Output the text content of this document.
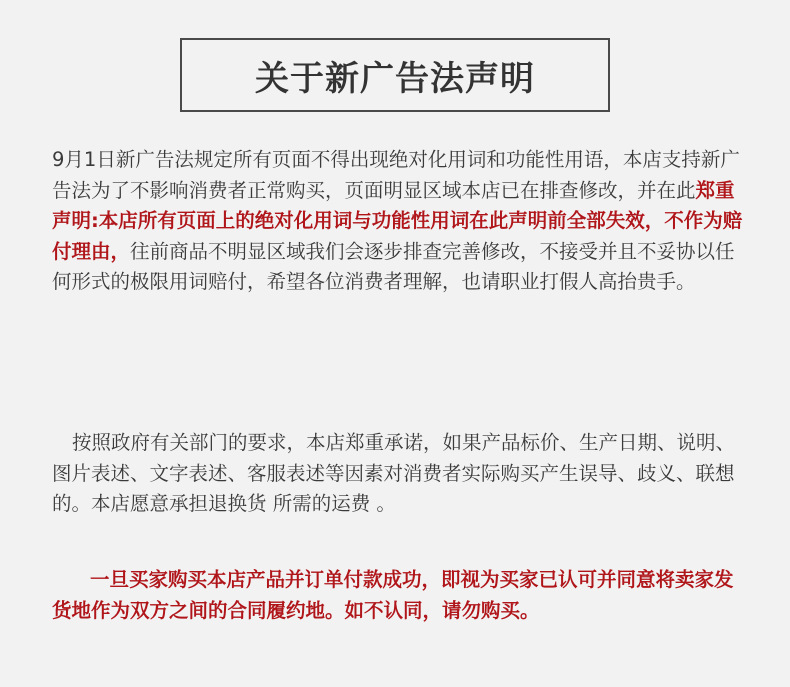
关于新广告法声明

9月1日新广告法规定所有页面不得出现绝对化用词和功能性用语，本店支持新广告法为了不影响消费者正常购买，页面明显区域本店已在排查修改，并在此郑重声明:本店所有页面上的绝对化用词与功能性用词在此声明前全部失效，不作为赔付理由，往前商品不明显区域我们会逐步排查完善修改，不接受并且不妥协以任何形式的极限用词赔付，希望各位消费者理解，也请职业打假人高抬贵手。

按照政府有关部门的要求，本店郑重承诺，如果产品标价、生产日期、说明、图片表述、文字表述、客服表述等因素对消费者实际购买产生误导、歧义、联想的。本店愿意承担退换货 所需的运费 。

一旦买家购买本店产品并订单付款成功，即视为买家已认可并同意将卖家发货地作为双方之间的合同履约地。如不认同，请勿购买。
